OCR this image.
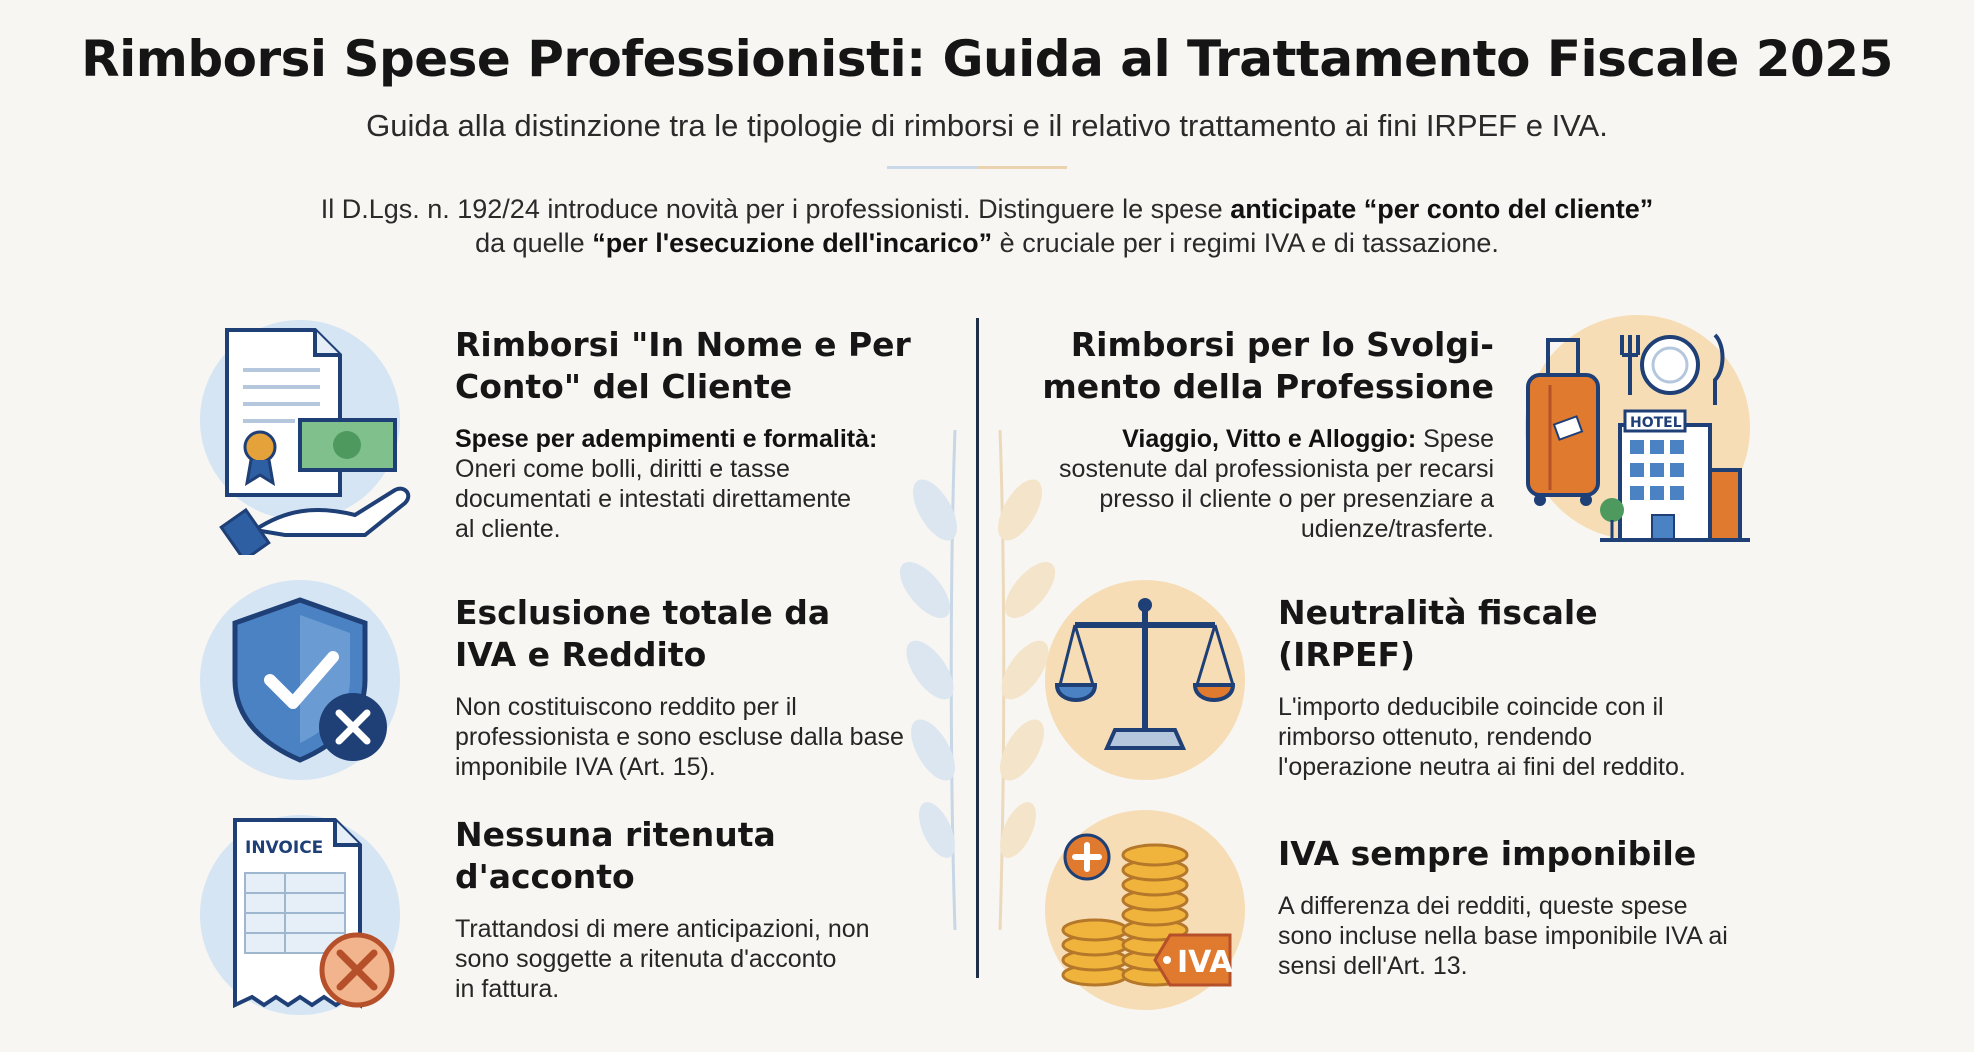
Rimborsi Spese Professionisti: Guida al Trattamento Fiscale 2025
Guida alla distinzione tra le tipologie di rimborsi e il relativo trattamento ai fini IRPEF e IVA.
Il D.Lgs. n. 192/24 introduce novità per i professionisti. Distinguere le spese anticipate “per conto del cliente”
da quelle “per l'esecuzione dell'incarico” è cruciale per i regimi IVA e di tassazione.
Rimborsi "In Nome e Per
Conto" del Cliente

Spese per adempimenti e formalità:
Oneri come bolli, diritti e tasse
documentati e intestati direttamente
al cliente.

Esclusione totale da
IVA e Reddito

Non costituiscono reddito per il
professionista e sono escluse dalla base
imponibile IVA (Art. 15).

INVOICE	Nessuna ritenuta
d'acconto

Trattandosi di mere anticipazioni, non
sono soggette a ritenuta d'acconto
in fattura.

Rimborsi per lo Svolgi-
mento della Professione

Viaggio, Vitto e Alloggio: Spese
sostenute dal professionista per recarsi
presso il cliente o per presenziare a
udienze/trasferte.

HOTEL
Neutralità fiscale
(IRPEF)

L'importo deducibile coincide con il
rimborso ottenuto, rendendo
l'operazione neutra ai fini del reddito.

IVA
IVA sempre imponibile

A differenza dei redditi, queste spese
sono incluse nella base imponibile IVA ai
sensi dell'Art. 13.
